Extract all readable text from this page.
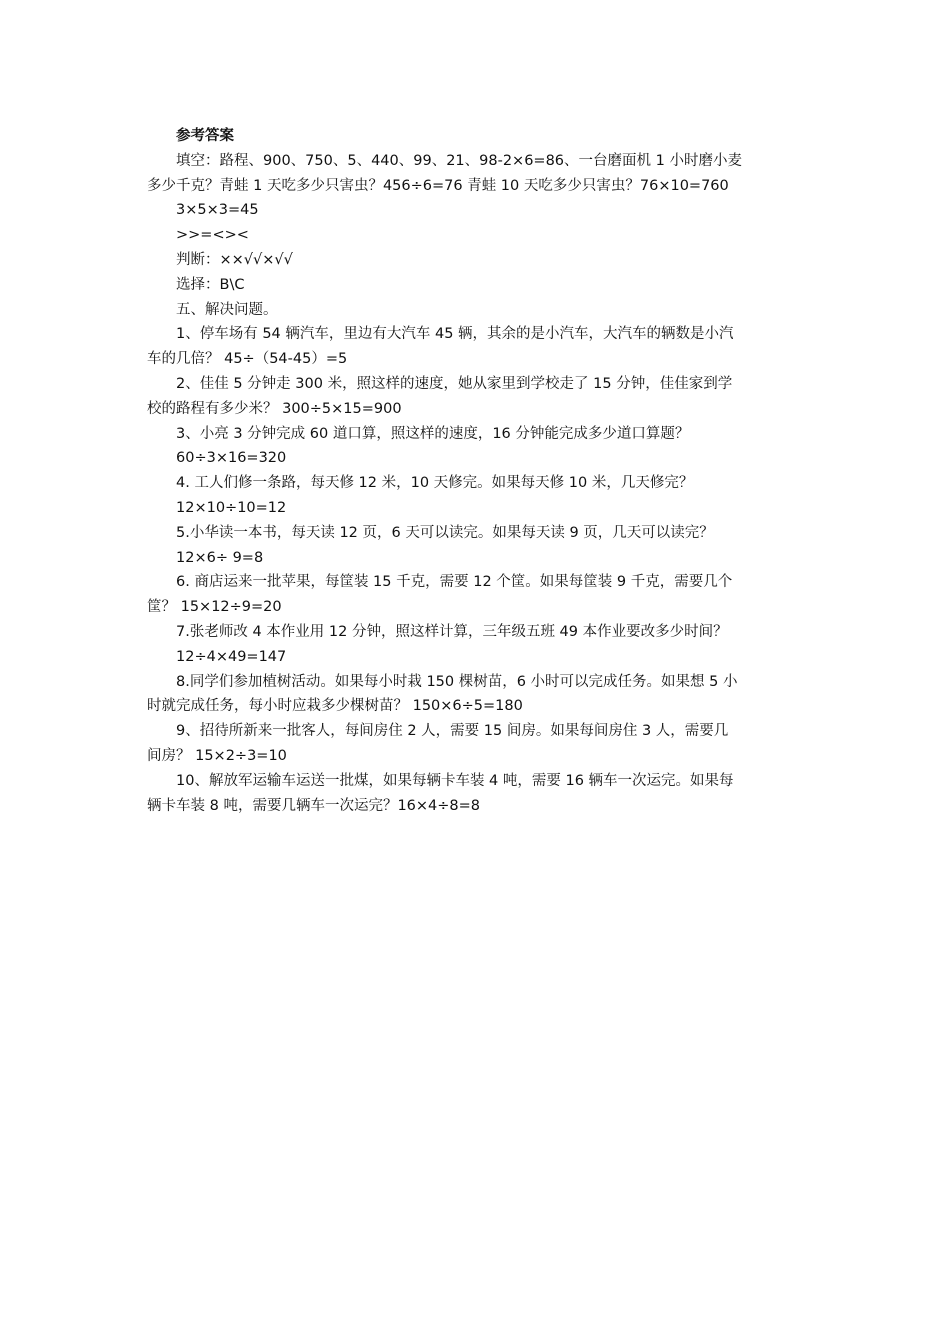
参考答案
填空：路程、900、750、5、440、99、21、98-2×6=86、一台磨面机 1 小时磨小麦
多少千克？青蛙 1 天吃多少只害虫？456÷6=76 青蛙 10 天吃多少只害虫？76×10=760
3×5×3=45
>>=<><
判断：××√√×√√
选择：B\C
五、解决问题。
1、停车场有 54 辆汽车，里边有大汽车 45 辆，其余的是小汽车，大汽车的辆数是小汽
车的几倍？ 45÷（54-45）=5
2、佳佳 5 分钟走 300 米，照这样的速度，她从家里到学校走了 15 分钟，佳佳家到学
校的路程有多少米？ 300÷5×15=900
3、小亮 3 分钟完成 60 道口算，照这样的速度，16 分钟能完成多少道口算题？
60÷3×16=320
4. 工人们修一条路，每天修 12 米，10 天修完。如果每天修 10 米，几天修完？
12×10÷10=12
5.小华读一本书，每天读 12 页，6 天可以读完。如果每天读 9 页，几天可以读完？
12×6÷ 9=8
6. 商店运来一批苹果，每筐装 15 千克，需要 12 个筐。如果每筐装 9 千克，需要几个
筐？ 15×12÷9=20
7.张老师改 4 本作业用 12 分钟，照这样计算，三年级五班 49 本作业要改多少时间？
12÷4×49=147
8.同学们参加植树活动。如果每小时栽 150 棵树苗，6 小时可以完成任务。如果想 5 小
时就完成任务，每小时应栽多少棵树苗？ 150×6÷5=180
9、招待所新来一批客人，每间房住 2 人，需要 15 间房。如果每间房住 3 人，需要几
间房？ 15×2÷3=10
10、解放军运输车运送一批煤，如果每辆卡车装 4 吨，需要 16 辆车一次运完。如果每
辆卡车装 8 吨，需要几辆车一次运完？16×4÷8=8
